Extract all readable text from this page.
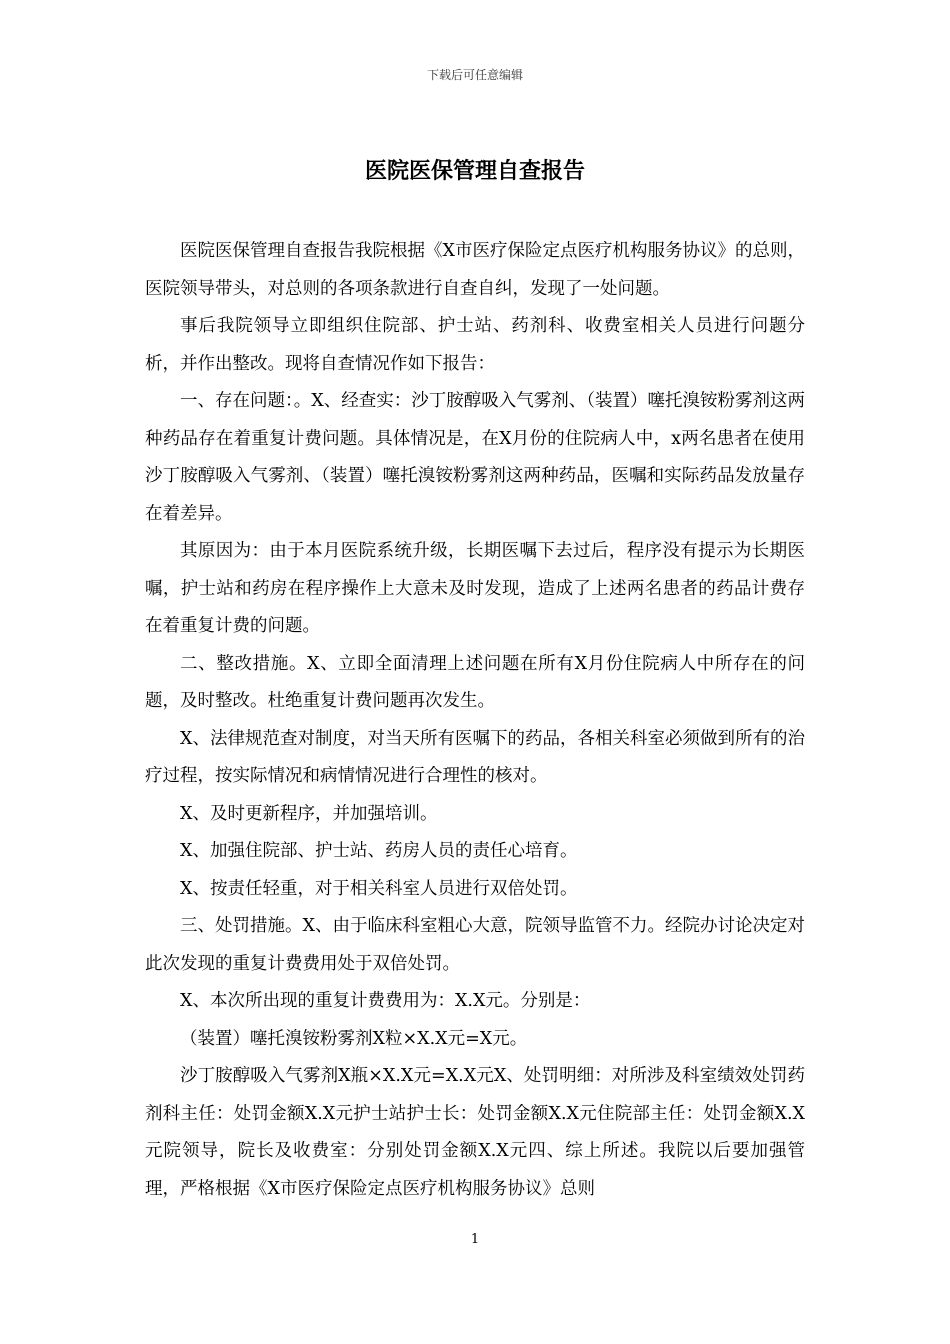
下载后可任意编辑
医院医保管理自查报告

医院医保管理自查报告我院根据《X市医疗保险定点医疗机构服务协议》的总则，医院领导带头，对总则的各项条款进行自查自纠，发现了一处问题。

事后我院领导立即组织住院部、护士站、药剂科、收费室相关人员进行问题分析，并作出整改。现将自查情况作如下报告：

一、存在问题：。X、经查实：沙丁胺醇吸入气雾剂、（装置）噻托溴铵粉雾剂这两种药品存在着重复计费问题。具体情况是，在X月份的住院病人中，x两名患者在使用沙丁胺醇吸入气雾剂、（装置）噻托溴铵粉雾剂这两种药品，医嘱和实际药品发放量存在着差异。

其原因为：由于本月医院系统升级，长期医嘱下去过后，程序没有提示为长期医嘱，护士站和药房在程序操作上大意未及时发现，造成了上述两名患者的药品计费存在着重复计费的问题。

二、整改措施。X、立即全面清理上述问题在所有X月份住院病人中所存在的问题，及时整改。杜绝重复计费问题再次发生。

X、法律规范查对制度，对当天所有医嘱下的药品，各相关科室必须做到所有的治疗过程，按实际情况和病情情况进行合理性的核对。

X、及时更新程序，并加强培训。

X、加强住院部、护士站、药房人员的责任心培育。

X、按责任轻重，对于相关科室人员进行双倍处罚。

三、处罚措施。X、由于临床科室粗心大意，院领导监管不力。经院办讨论决定对此次发现的重复计费费用处于双倍处罚。

X、本次所出现的重复计费费用为：X.X元。分别是：

（装置）噻托溴铵粉雾剂X粒×X.X元=X元。

沙丁胺醇吸入气雾剂X瓶×X.X元=X.X元X、处罚明细：对所涉及科室绩效处罚药剂科主任：处罚金额X.X元护士站护士长：处罚金额X.X元住院部主任：处罚金额X.X元院领导，院长及收费室：分别处罚金额X.X元四、综上所述。我院以后要加强管理，严格根据《X市医疗保险定点医疗机构服务协议》总则

1
